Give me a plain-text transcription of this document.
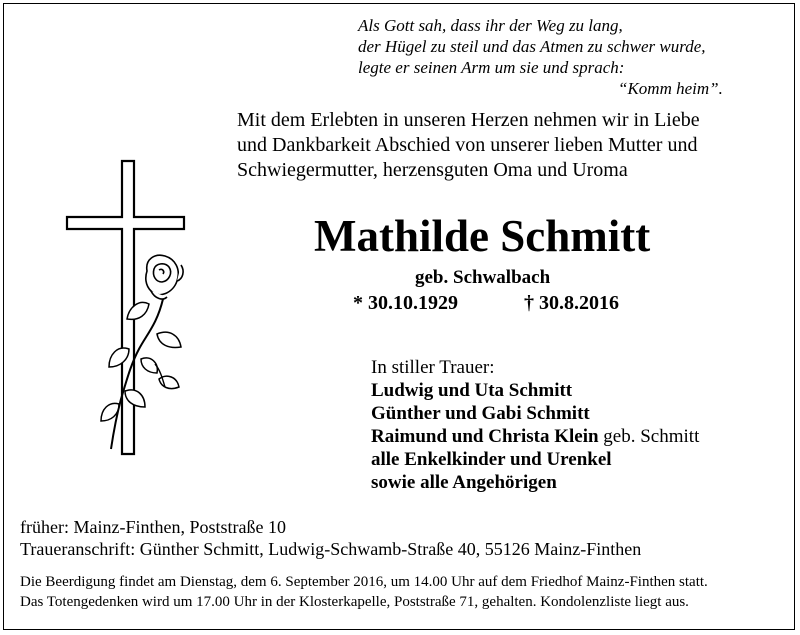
Als Gott sah, dass ihr der Weg zu lang,
der Hügel zu steil und das Atmen zu schwer wurde,
legte er seinen Arm um sie und sprach:
“Komm heim”.
Mit dem Erlebten in unseren Herzen nehmen wir in Liebe
und Dankbarkeit Abschied von unserer lieben Mutter und
Schwiegermutter, herzensguten Oma und Uroma
Mathilde Schmitt
geb. Schwalbach
* 30.10.1929	† 30.8.2016
In stiller Trauer:
Ludwig und Uta Schmitt
Günther und Gabi Schmitt
Raimund und Christa Klein geb. Schmitt
alle Enkelkinder und Urenkel
sowie alle Angehörigen
früher: Mainz-Finthen, Poststraße 10
Traueranschrift: Günther Schmitt, Ludwig-Schwamb-Straße 40, 55126 Mainz-Finthen
Die Beerdigung findet am Dienstag, dem 6. September 2016, um 14.00 Uhr auf dem Friedhof Mainz-Finthen statt.
Das Totengedenken wird um 17.00 Uhr in der Klosterkapelle, Poststraße 71, gehalten. Kondolenzliste liegt aus.
